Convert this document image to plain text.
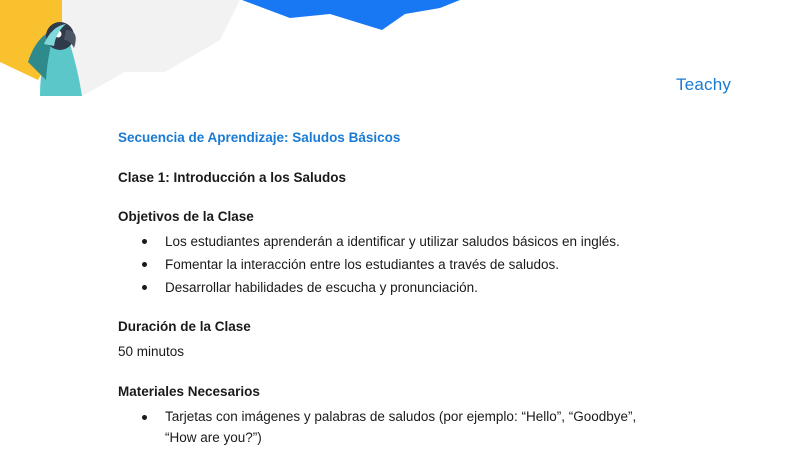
Teachy
Secuencia de Aprendizaje: Saludos Básicos
Clase 1: Introducción a los Saludos
Objetivos de la Clase
Los estudiantes aprenderán a identificar y utilizar saludos básicos en inglés.
Fomentar la interacción entre los estudiantes a través de saludos.
Desarrollar habilidades de escucha y pronunciación.
Duración de la Clase
50 minutos
Materiales Necesarios
Tarjetas con imágenes y palabras de saludos (por ejemplo: “Hello”, “Goodbye”, “How are you?”)
